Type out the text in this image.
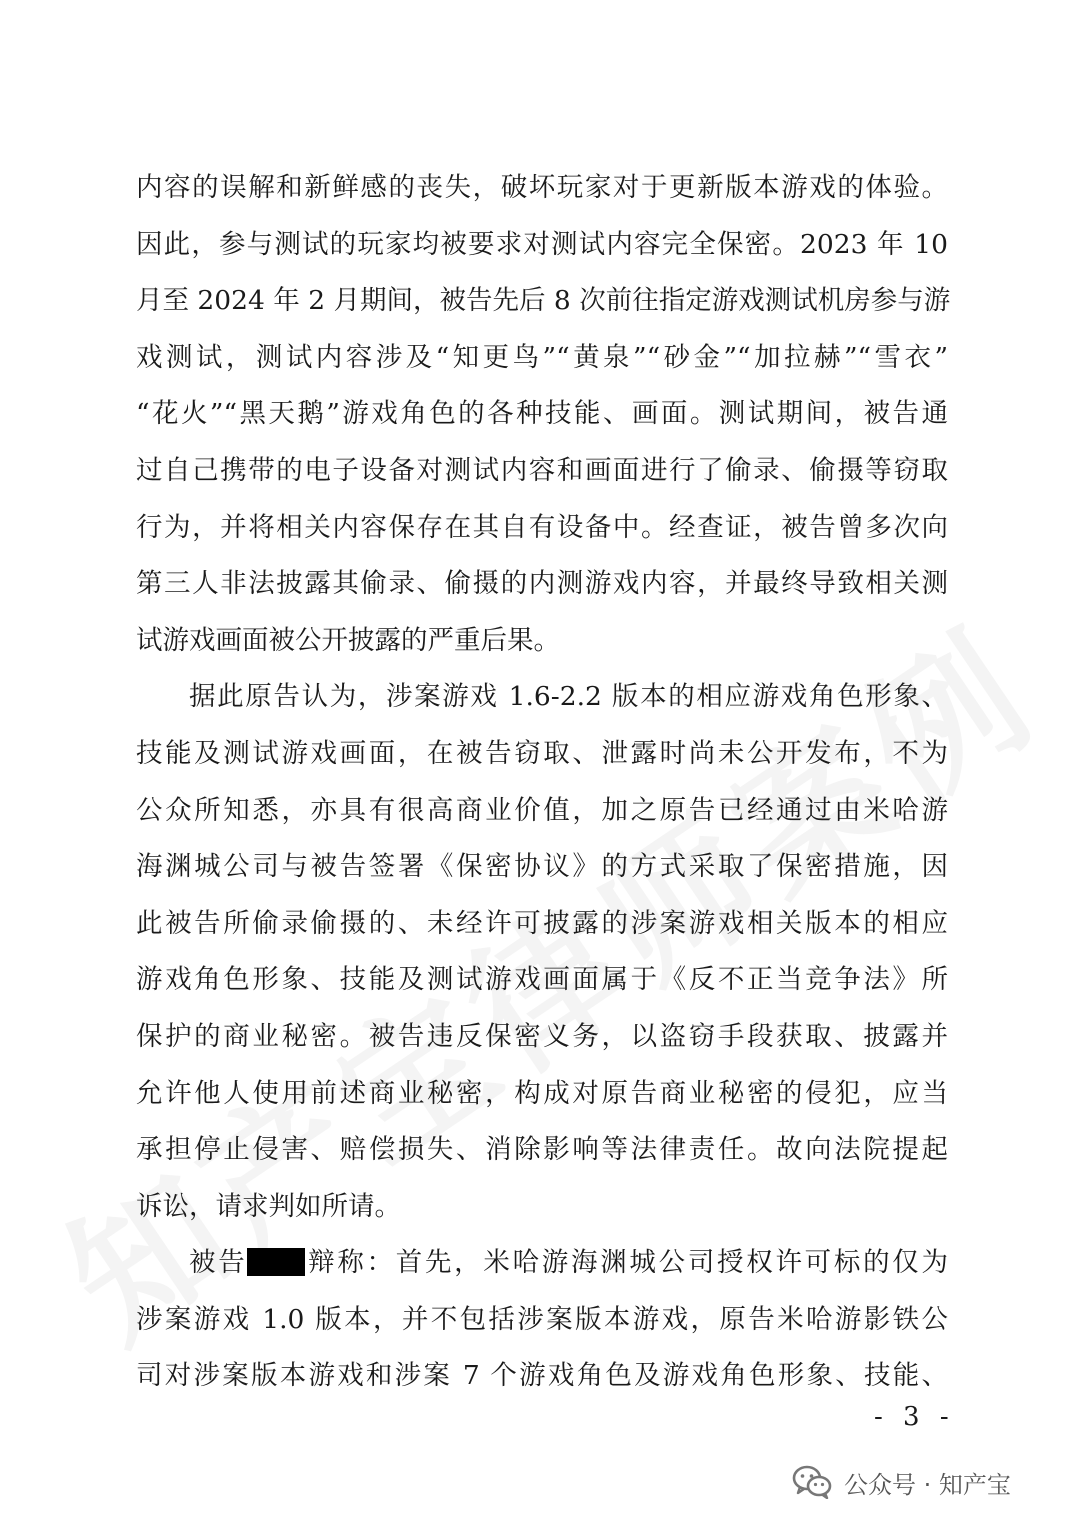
内容的误解和新鲜感的丧失，破坏玩家对于更新版本游戏的体验。
因此，参与测试的玩家均被要求对测试内容完全保密。2023 年 10
月至 2024 年 2 月期间，被告先后 8 次前往指定游戏测试机房参与游
戏测试，测试内容涉及“知更鸟”“黄泉”“砂金”“加拉赫”“雪衣”
“花火”“黑天鹅”游戏角色的各种技能、画面。测试期间，被告通
过自己携带的电子设备对测试内容和画面进行了偷录、偷摄等窃取
行为，并将相关内容保存在其自有设备中。经查证，被告曾多次向
第三人非法披露其偷录、偷摄的内测游戏内容，并最终导致相关测
试游戏画面被公开披露的严重后果。
据此原告认为，涉案游戏 1.6-2.2 版本的相应游戏角色形象、
技能及测试游戏画面，在被告窃取、泄露时尚未公开发布，不为
公众所知悉，亦具有很高商业价值，加之原告已经通过由米哈游
海渊城公司与被告签署《保密协议》的方式采取了保密措施，因
此被告所偷录偷摄的、未经许可披露的涉案游戏相关版本的相应
游戏角色形象、技能及测试游戏画面属于《反不正当竞争法》所
保护的商业秘密。被告违反保密义务，以盗窃手段获取、披露并
允许他人使用前述商业秘密，构成对原告商业秘密的侵犯，应当
承担停止侵害、赔偿损失、消除影响等法律责任。故向法院提起
诉讼，请求判如所请。
被告 辩称：首先，米哈游海渊城公司授权许可标的仅为
涉案游戏 1.0 版本，并不包括涉案版本游戏，原告米哈游影铁公
司对涉案版本游戏和涉案 7 个游戏角色及游戏角色形象、技能、
- 3 -
公众号 · 知产宝
